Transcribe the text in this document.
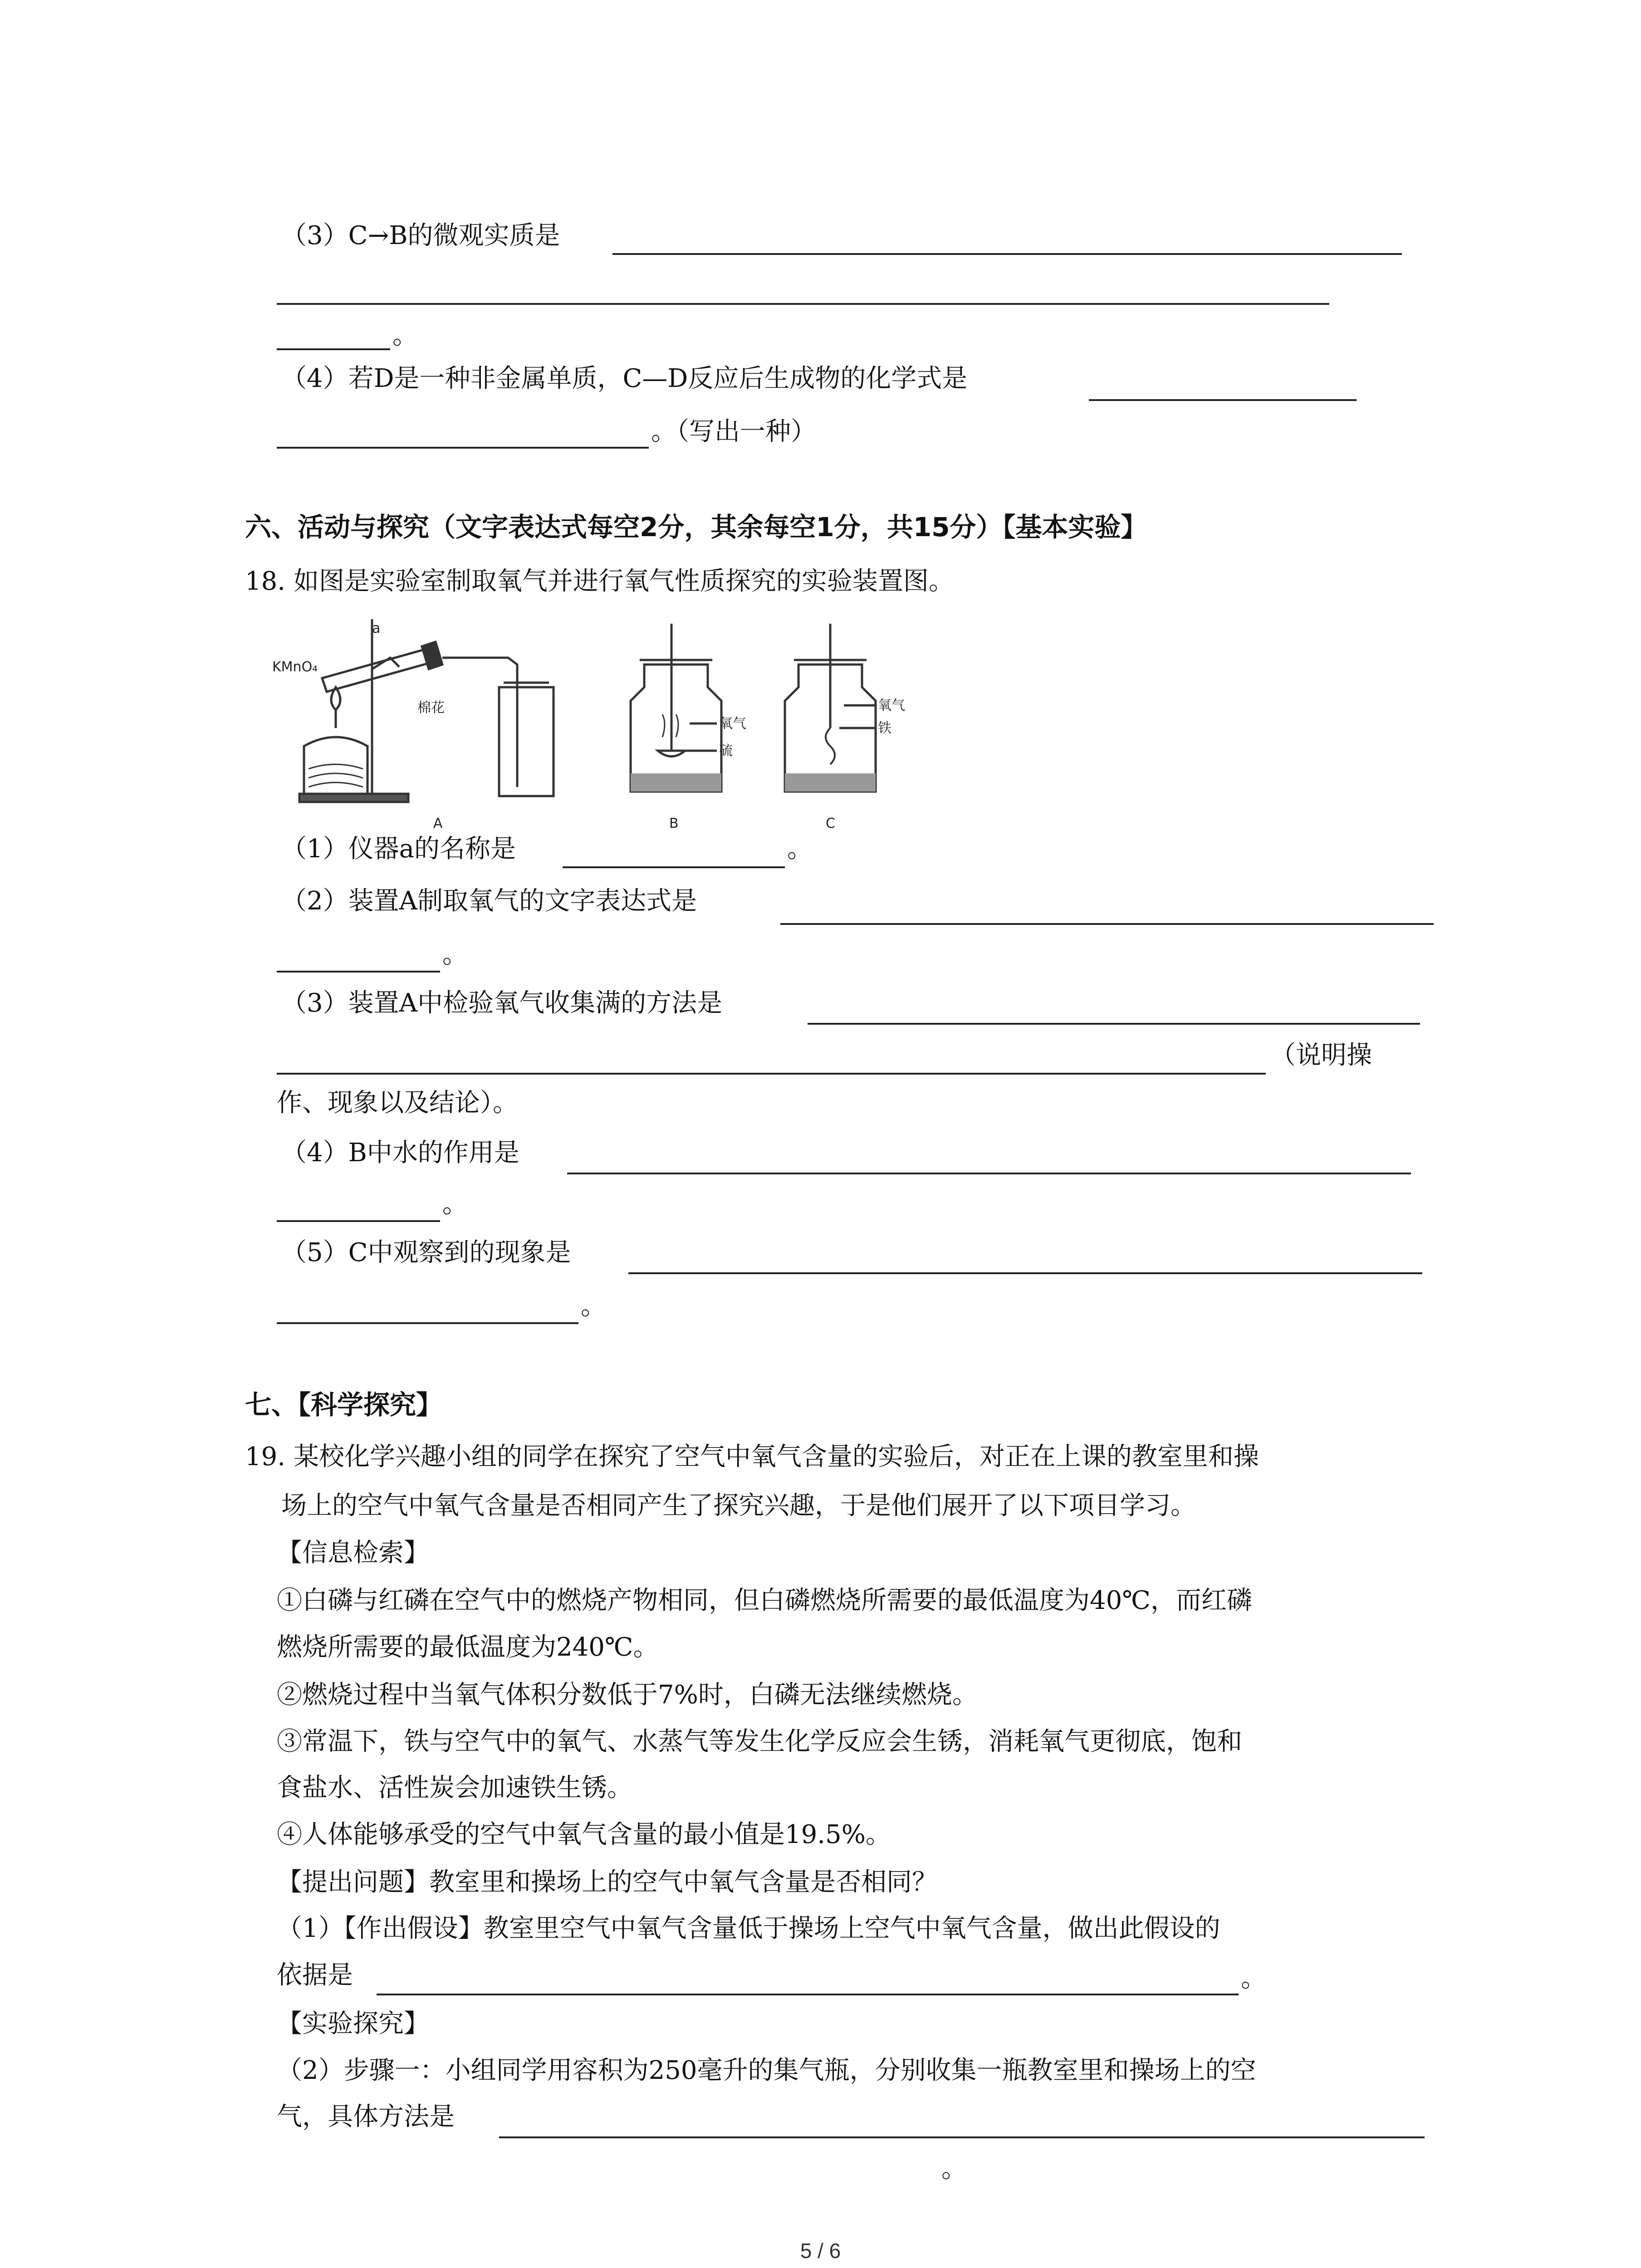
（3）C→B的微观实质是
。
（4）若D是一种非金属单质，C—D反应后生成物的化学式是
。（写出一种）
六、活动与探究（文字表达式每空2分，其余每空1分，共15分）【基本实验】
18. 如图是实验室制取氧气并进行氧气性质探究的实验装置图。
KMnO₄
a
棉花
氧气
硫
氧气
铁
A	B	C
（1）仪器a的名称是	。
（2）装置A制取氧气的文字表达式是
。
（3）装置A中检验氧气收集满的方法是
（说明操
作、现象以及结论）。
（4）B中水的作用是
。
（5）C中观察到的现象是
。
七、【科学探究】
19. 某校化学兴趣小组的同学在探究了空气中氧气含量的实验后，对正在上课的教室里和操
场上的空气中氧气含量是否相同产生了探究兴趣，于是他们展开了以下项目学习。
【信息检索】
①白磷与红磷在空气中的燃烧产物相同，但白磷燃烧所需要的最低温度为40℃，而红磷
燃烧所需要的最低温度为240℃。
②燃烧过程中当氧气体积分数低于7%时，白磷无法继续燃烧。
③常温下，铁与空气中的氧气、水蒸气等发生化学反应会生锈，消耗氧气更彻底，饱和
食盐水、活性炭会加速铁生锈。
④人体能够承受的空气中氧气含量的最小值是19.5%。
【提出问题】教室里和操场上的空气中氧气含量是否相同？
（1）【作出假设】教室里空气中氧气含量低于操场上空气中氧气含量，做出此假设的
依据是	。
【实验探究】
（2）步骤一：小组同学用容积为250毫升的集气瓶，分别收集一瓶教室里和操场上的空
气，具体方法是
。
5 / 6
